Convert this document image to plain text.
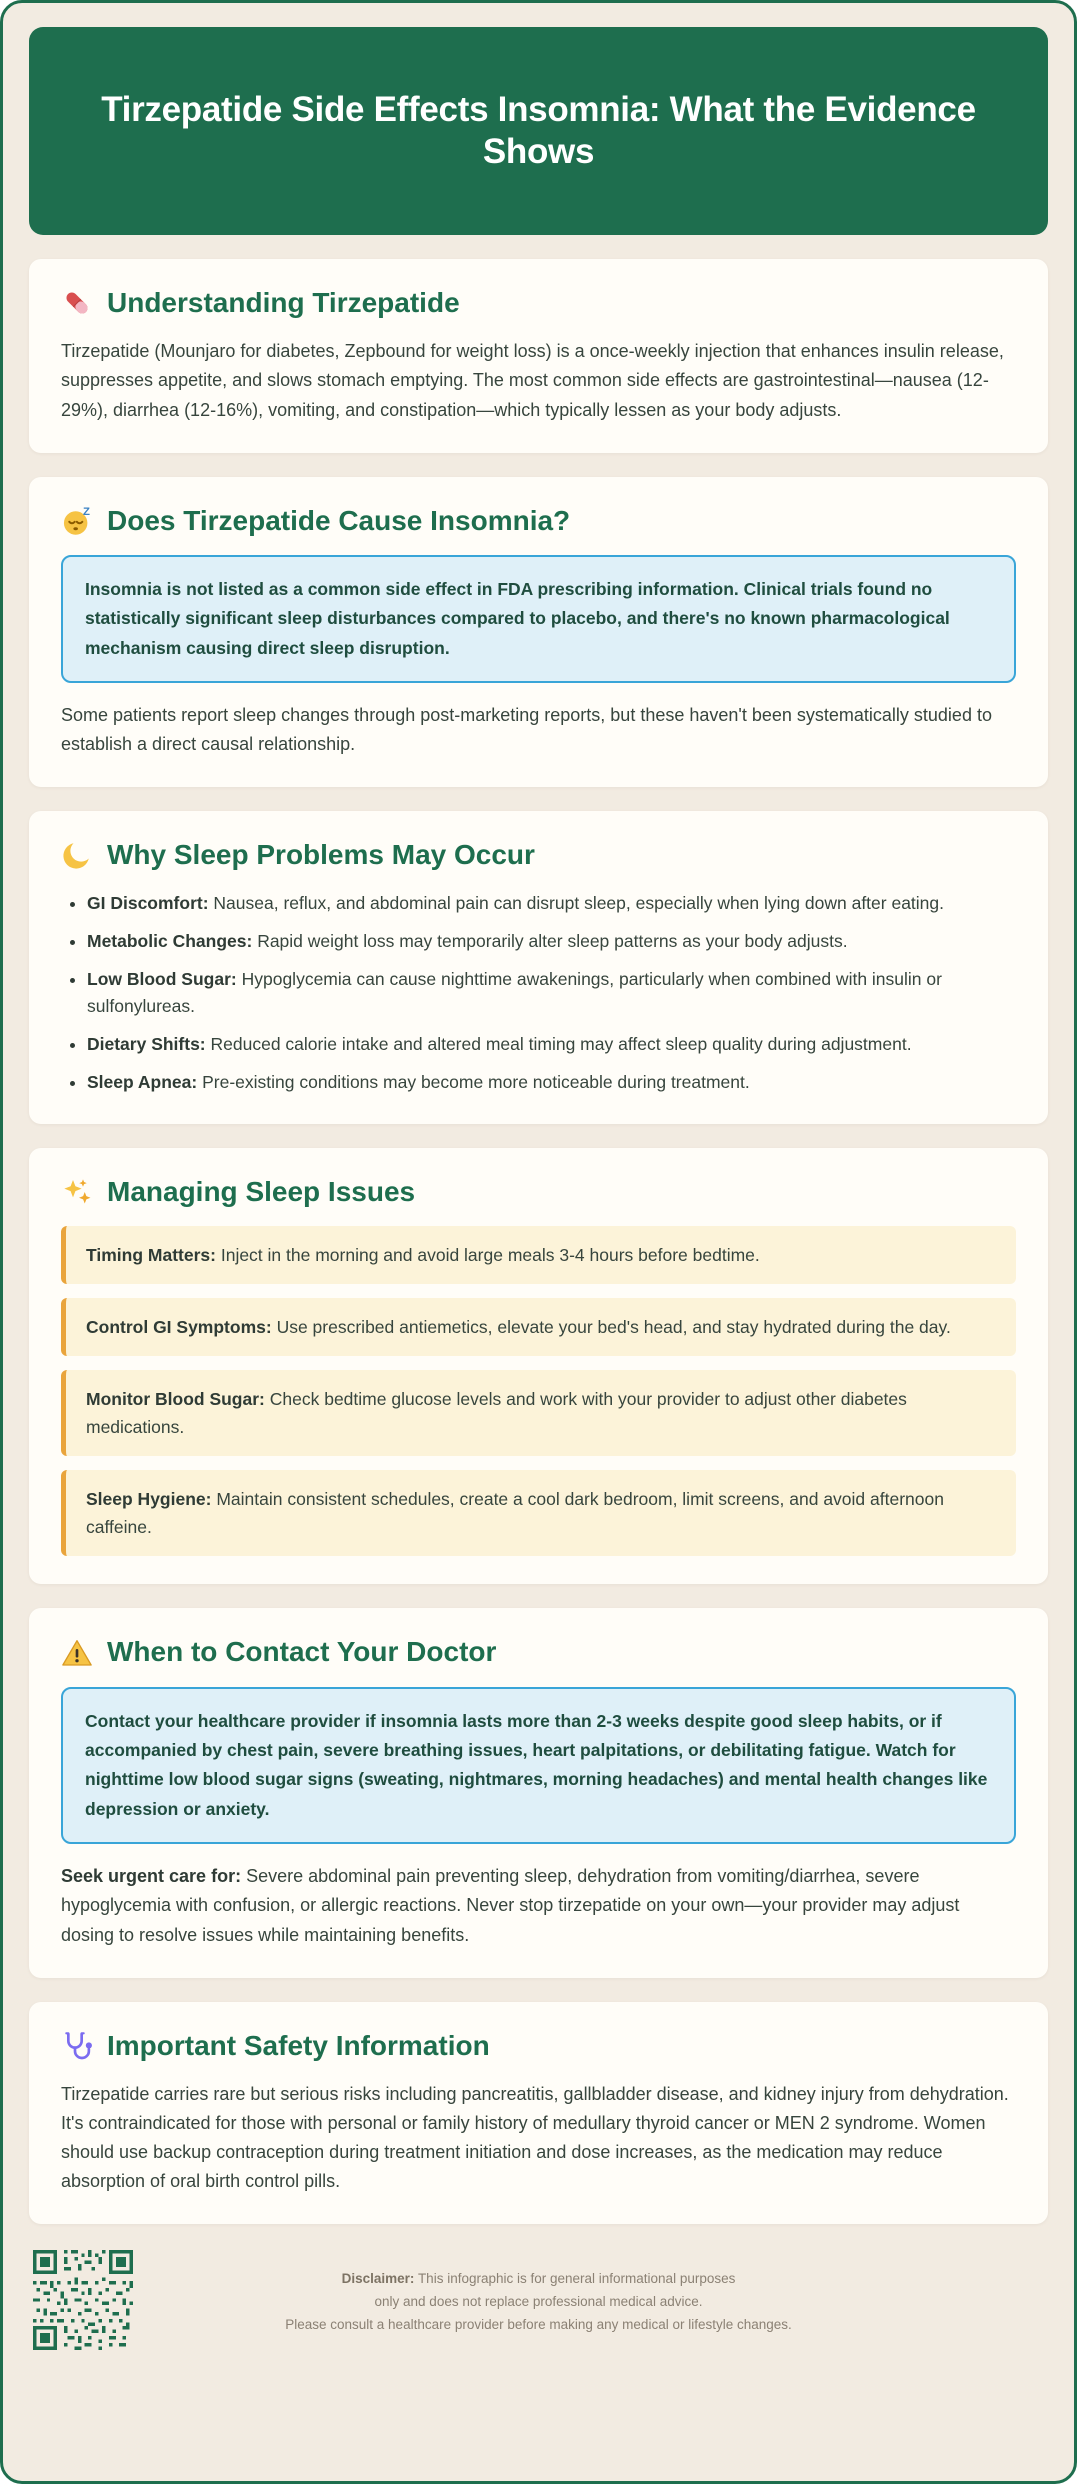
Tirzepatide Side Effects Insomnia: What the Evidence Shows
Understanding Tirzepatide

Tirzepatide (Mounjaro for diabetes, Zepbound for weight loss) is a once-weekly injection that enhances insulin release, suppresses appetite, and slows stomach emptying. The most common side effects are gastrointestinal—nausea (12-29%), diarrhea (12-16%), vomiting, and constipation—which typically lessen as your body adjusts.

Z Does Tirzepatide Cause Insomnia?
Insomnia is not listed as a common side effect in FDA prescribing information. Clinical trials found no statistically significant sleep disturbances compared to placebo, and there's no known pharmacological mechanism causing direct sleep disruption.

Some patients report sleep changes through post-marketing reports, but these haven't been systematically studied to establish a direct causal relationship.

Why Sleep Problems May Occur
• GI Discomfort: Nausea, reflux, and abdominal pain can disrupt sleep, especially when lying down after eating.
• Metabolic Changes: Rapid weight loss may temporarily alter sleep patterns as your body adjusts.
• Low Blood Sugar: Hypoglycemia can cause nighttime awakenings, particularly when combined with insulin or sulfonylureas.
• Dietary Shifts: Reduced calorie intake and altered meal timing may affect sleep quality during adjustment.
• Sleep Apnea: Pre-existing conditions may become more noticeable during treatment.
Managing Sleep Issues
Timing Matters: Inject in the morning and avoid large meals 3-4 hours before bedtime.
Control GI Symptoms: Use prescribed antiemetics, elevate your bed's head, and stay hydrated during the day.
Monitor Blood Sugar: Check bedtime glucose levels and work with your provider to adjust other diabetes medications.
Sleep Hygiene: Maintain consistent schedules, create a cool dark bedroom, limit screens, and avoid afternoon caffeine.
When to Contact Your Doctor
Contact your healthcare provider if insomnia lasts more than 2-3 weeks despite good sleep habits, or if accompanied by chest pain, severe breathing issues, heart palpitations, or debilitating fatigue. Watch for nighttime low blood sugar signs (sweating, nightmares, morning headaches) and mental health changes like depression or anxiety.

Seek urgent care for: Severe abdominal pain preventing sleep, dehydration from vomiting/diarrhea, severe hypoglycemia with confusion, or allergic reactions. Never stop tirzepatide on your own—your provider may adjust dosing to resolve issues while maintaining benefits.

Important Safety Information

Tirzepatide carries rare but serious risks including pancreatitis, gallbladder disease, and kidney injury from dehydration. It's contraindicated for those with personal or family history of medullary thyroid cancer or MEN 2 syndrome. Women should use backup contraception during treatment initiation and dose increases, as the medication may reduce absorption of oral birth control pills.

Disclaimer: This infographic is for general informational purposes
only and does not replace professional medical advice.
Please consult a healthcare provider before making any medical or lifestyle changes.
